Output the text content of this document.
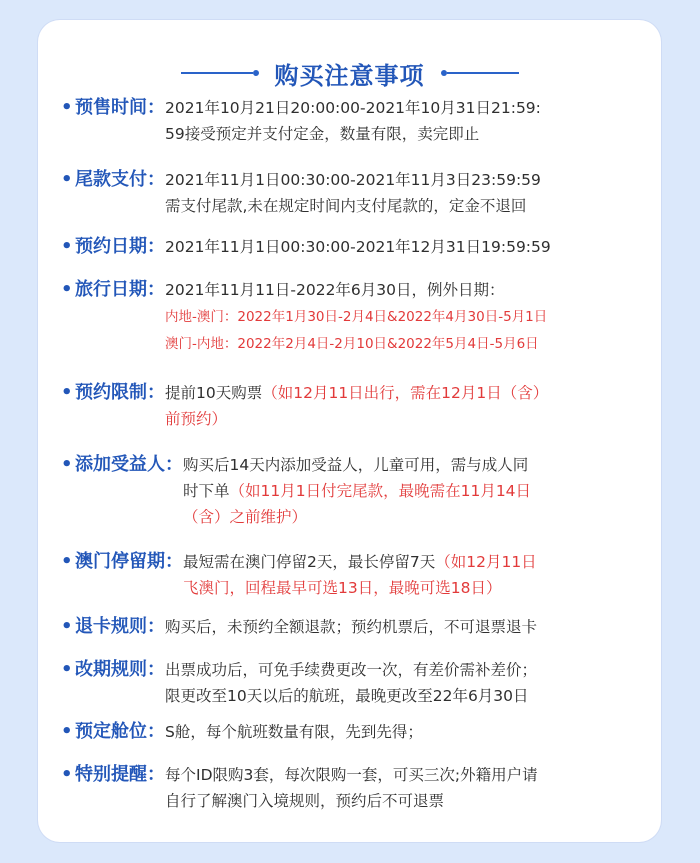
购买注意事项
• 预售时间： 2021年10月21日20:00:00-2021年10月31日21:59:
59接受预定并支付定金，数量有限，卖完即止
• 尾款支付： 2021年11月1日00:30:00-2021年11月3日23:59:59
需支付尾款,未在规定时间内支付尾款的，定金不退回
• 预约日期： 2021年11月1日00:30:00-2021年12月31日19:59:59
• 旅行日期： 2021年11月11日-2022年6月30日，例外日期：
内地-澳门：2022年1月30日-2月4日&2022年4月30日-5月1日
澳门-内地：2022年2月4日-2月10日&2022年5月4日-5月6日
• 预约限制： 提前10天购票（如12月11日出行，需在12月1日（含）
前预约）
• 添加受益人： 购买后14天内添加受益人，儿童可用，需与成人同
时下单（如11月1日付完尾款，最晚需在11月14日
（含）之前维护）
• 澳门停留期： 最短需在澳门停留2天，最长停留7天（如12月11日
飞澳门，回程最早可选13日，最晚可选18日）
• 退卡规则： 购买后，未预约全额退款；预约机票后，不可退票退卡
• 改期规则： 出票成功后，可免手续费更改一次，有差价需补差价；
限更改至10天以后的航班，最晚更改至22年6月30日
• 预定舱位： S舱，每个航班数量有限，先到先得；
• 特别提醒： 每个ID限购3套，每次限购一套，可买三次;外籍用户请
自行了解澳门入境规则，预约后不可退票
